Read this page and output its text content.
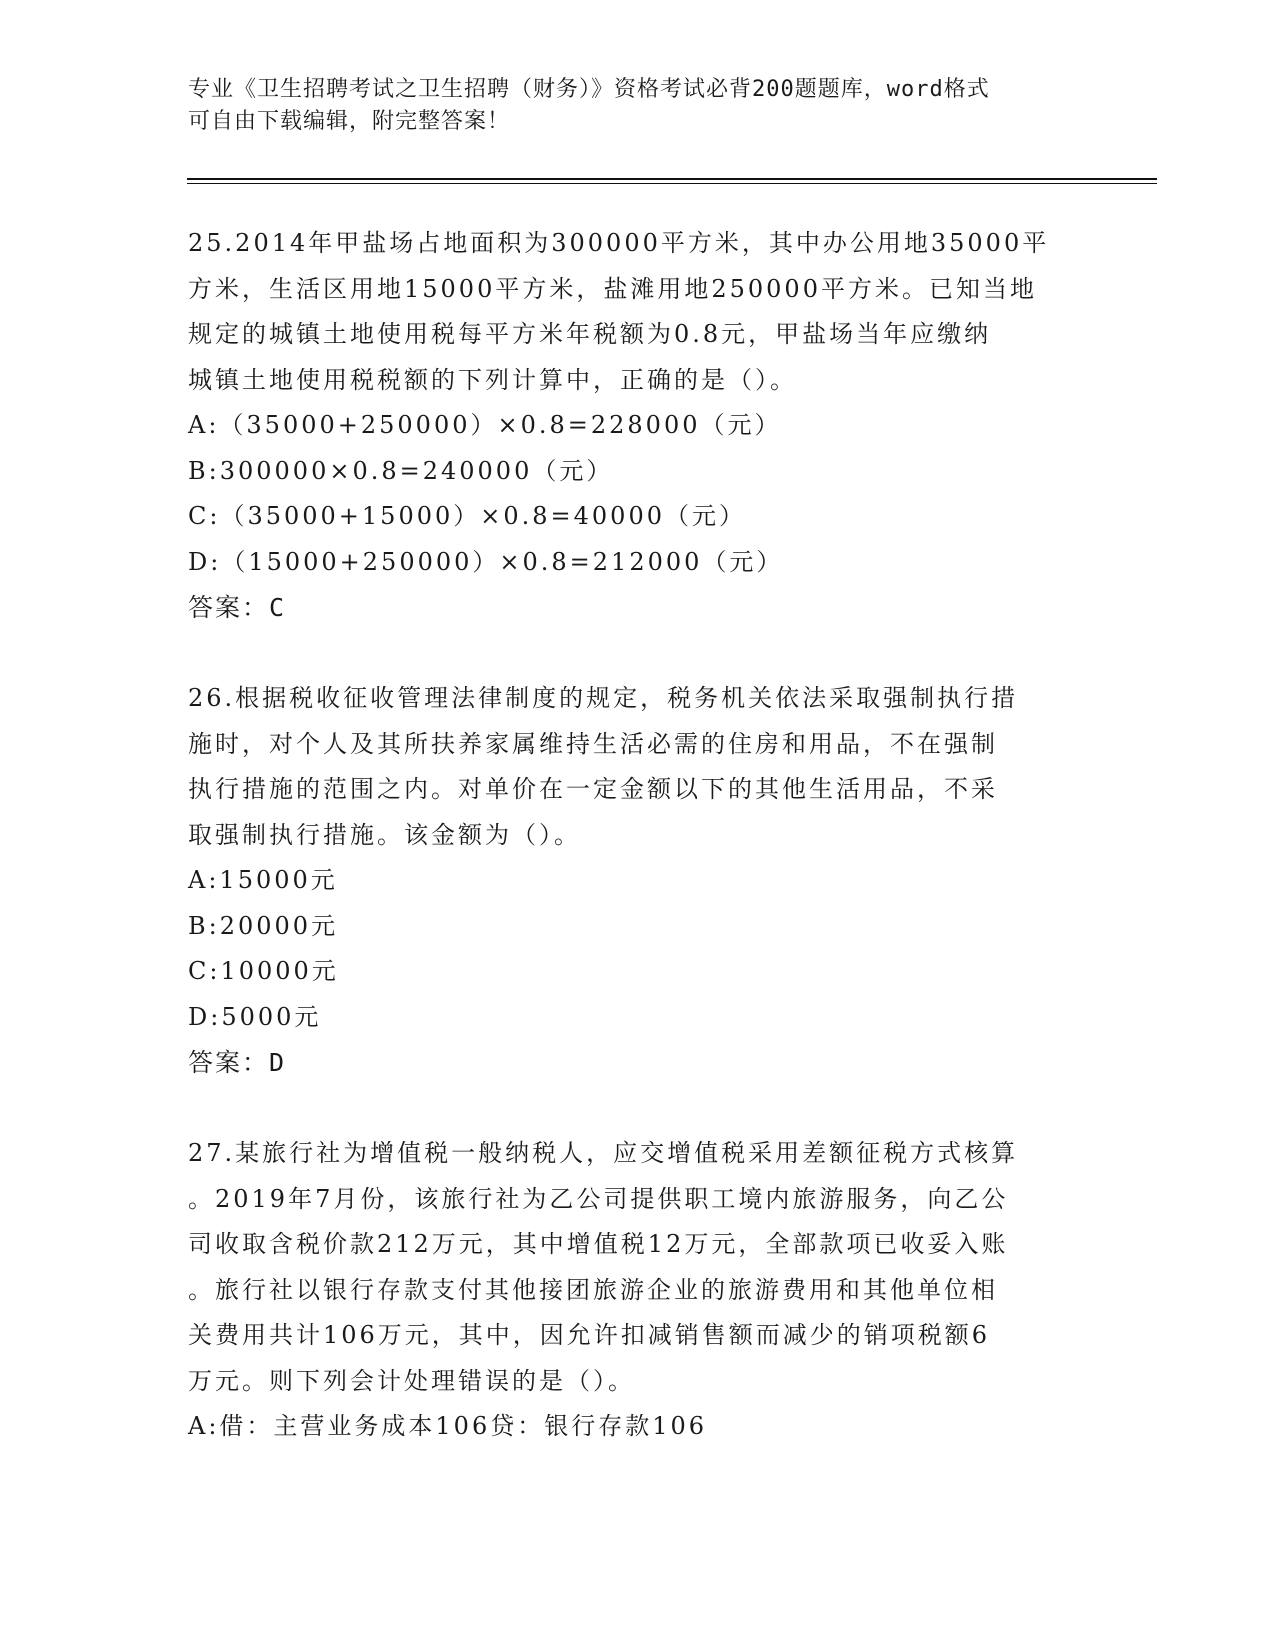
专业《卫生招聘考试之卫生招聘（财务）》资格考试必背200题题库，word格式
可自由下载编辑，附完整答案！
25.2014年甲盐场占地面积为300000平方米，其中办公用地35000平
方米，生活区用地15000平方米，盐滩用地250000平方米。已知当地
规定的城镇土地使用税每平方米年税额为0.8元，甲盐场当年应缴纳
城镇土地使用税税额的下列计算中，正确的是（）。
A:（35000+250000）×0.8=228000（元）
B:300000×0.8=240000（元）
C:（35000+15000）×0.8=40000（元）
D:（15000+250000）×0.8=212000（元）
答案：C
26.根据税收征收管理法律制度的规定，税务机关依法采取强制执行措
施时，对个人及其所扶养家属维持生活必需的住房和用品，不在强制
执行措施的范围之内。对单价在一定金额以下的其他生活用品，不采
取强制执行措施。该金额为（）。
A:15000元
B:20000元
C:10000元
D:5000元
答案：D
27.某旅行社为增值税一般纳税人，应交增值税采用差额征税方式核算
。2019年7月份，该旅行社为乙公司提供职工境内旅游服务，向乙公
司收取含税价款212万元，其中增值税12万元，全部款项已收妥入账
。旅行社以银行存款支付其他接团旅游企业的旅游费用和其他单位相
关费用共计106万元，其中，因允许扣减销售额而减少的销项税额6
万元。则下列会计处理错误的是（）。
A:借：主营业务成本106贷：银行存款106
